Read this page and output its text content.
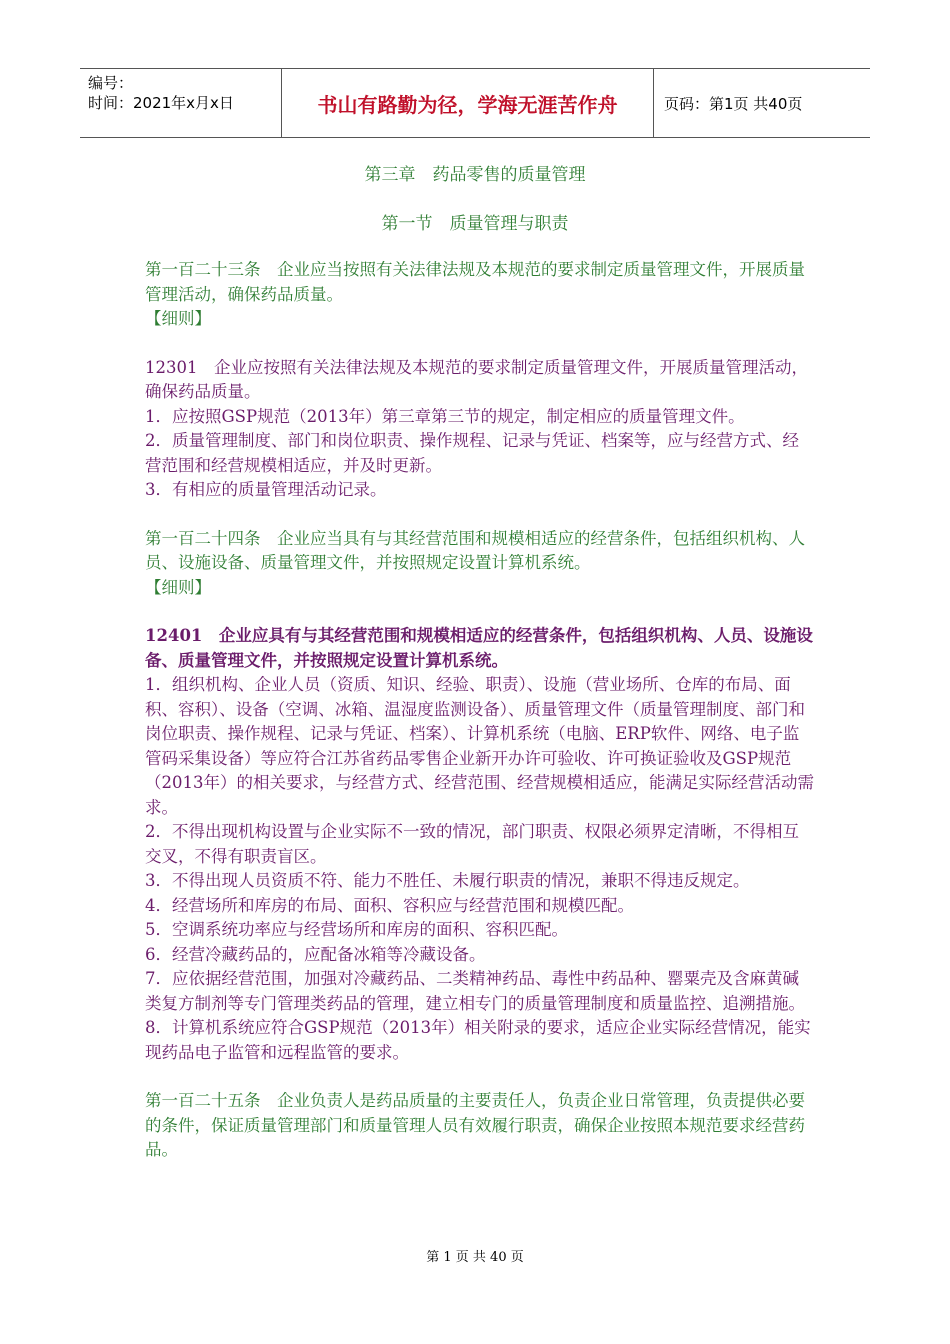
编号：
时间：2021年x月x日	书山有路勤为径，学海无涯苦作舟	页码：第1页 共40页
第三章　药品零售的质量管理
第一节　质量管理与职责

第一百二十三条　企业应当按照有关法律法规及本规范的要求制定质量管理文件，开展质量管理活动，确保药品质量。

【细则】

12301　企业应按照有关法律法规及本规范的要求制定质量管理文件，开展质量管理活动，确保药品质量。

1．应按照GSP规范（2013年）第三章第三节的规定，制定相应的质量管理文件。

2．质量管理制度、部门和岗位职责、操作规程、记录与凭证、档案等，应与经营方式、经营范围和经营规模相适应，并及时更新。

3．有相应的质量管理活动记录。

第一百二十四条　企业应当具有与其经营范围和规模相适应的经营条件，包括组织机构、人员、设施设备、质量管理文件，并按照规定设置计算机系统。

【细则】

12401　企业应具有与其经营范围和规模相适应的经营条件，包括组织机构、人员、设施设备、质量管理文件，并按照规定设置计算机系统。

1．组织机构、企业人员（资质、知识、经验、职责）、设施（营业场所、仓库的布局、面积、容积）、设备（空调、冰箱、温湿度监测设备）、质量管理文件（质量管理制度、部门和岗位职责、操作规程、记录与凭证、档案）、计算机系统（电脑、ERP软件、网络、电子监管码采集设备）等应符合江苏省药品零售企业新开办许可验收、许可换证验收及GSP规范（2013年）的相关要求，与经营方式、经营范围、经营规模相适应，能满足实际经营活动需求。

2．不得出现机构设置与企业实际不一致的情况，部门职责、权限必须界定清晰，不得相互交叉，不得有职责盲区。

3．不得出现人员资质不符、能力不胜任、未履行职责的情况，兼职不得违反规定。

4．经营场所和库房的布局、面积、容积应与经营范围和规模匹配。

5．空调系统功率应与经营场所和库房的面积、容积匹配。

6．经营冷藏药品的，应配备冰箱等冷藏设备。

7．应依据经营范围，加强对冷藏药品、二类精神药品、毒性中药品种、罂粟壳及含麻黄碱类复方制剂等专门管理类药品的管理，建立相专门的质量管理制度和质量监控、追溯措施。

8．计算机系统应符合GSP规范（2013年）相关附录的要求，适应企业实际经营情况，能实现药品电子监管和远程监管的要求。

第一百二十五条　企业负责人是药品质量的主要责任人，负责企业日常管理，负责提供必要的条件，保证质量管理部门和质量管理人员有效履行职责，确保企业按照本规范要求经营药品。

第 1 页 共 40 页
